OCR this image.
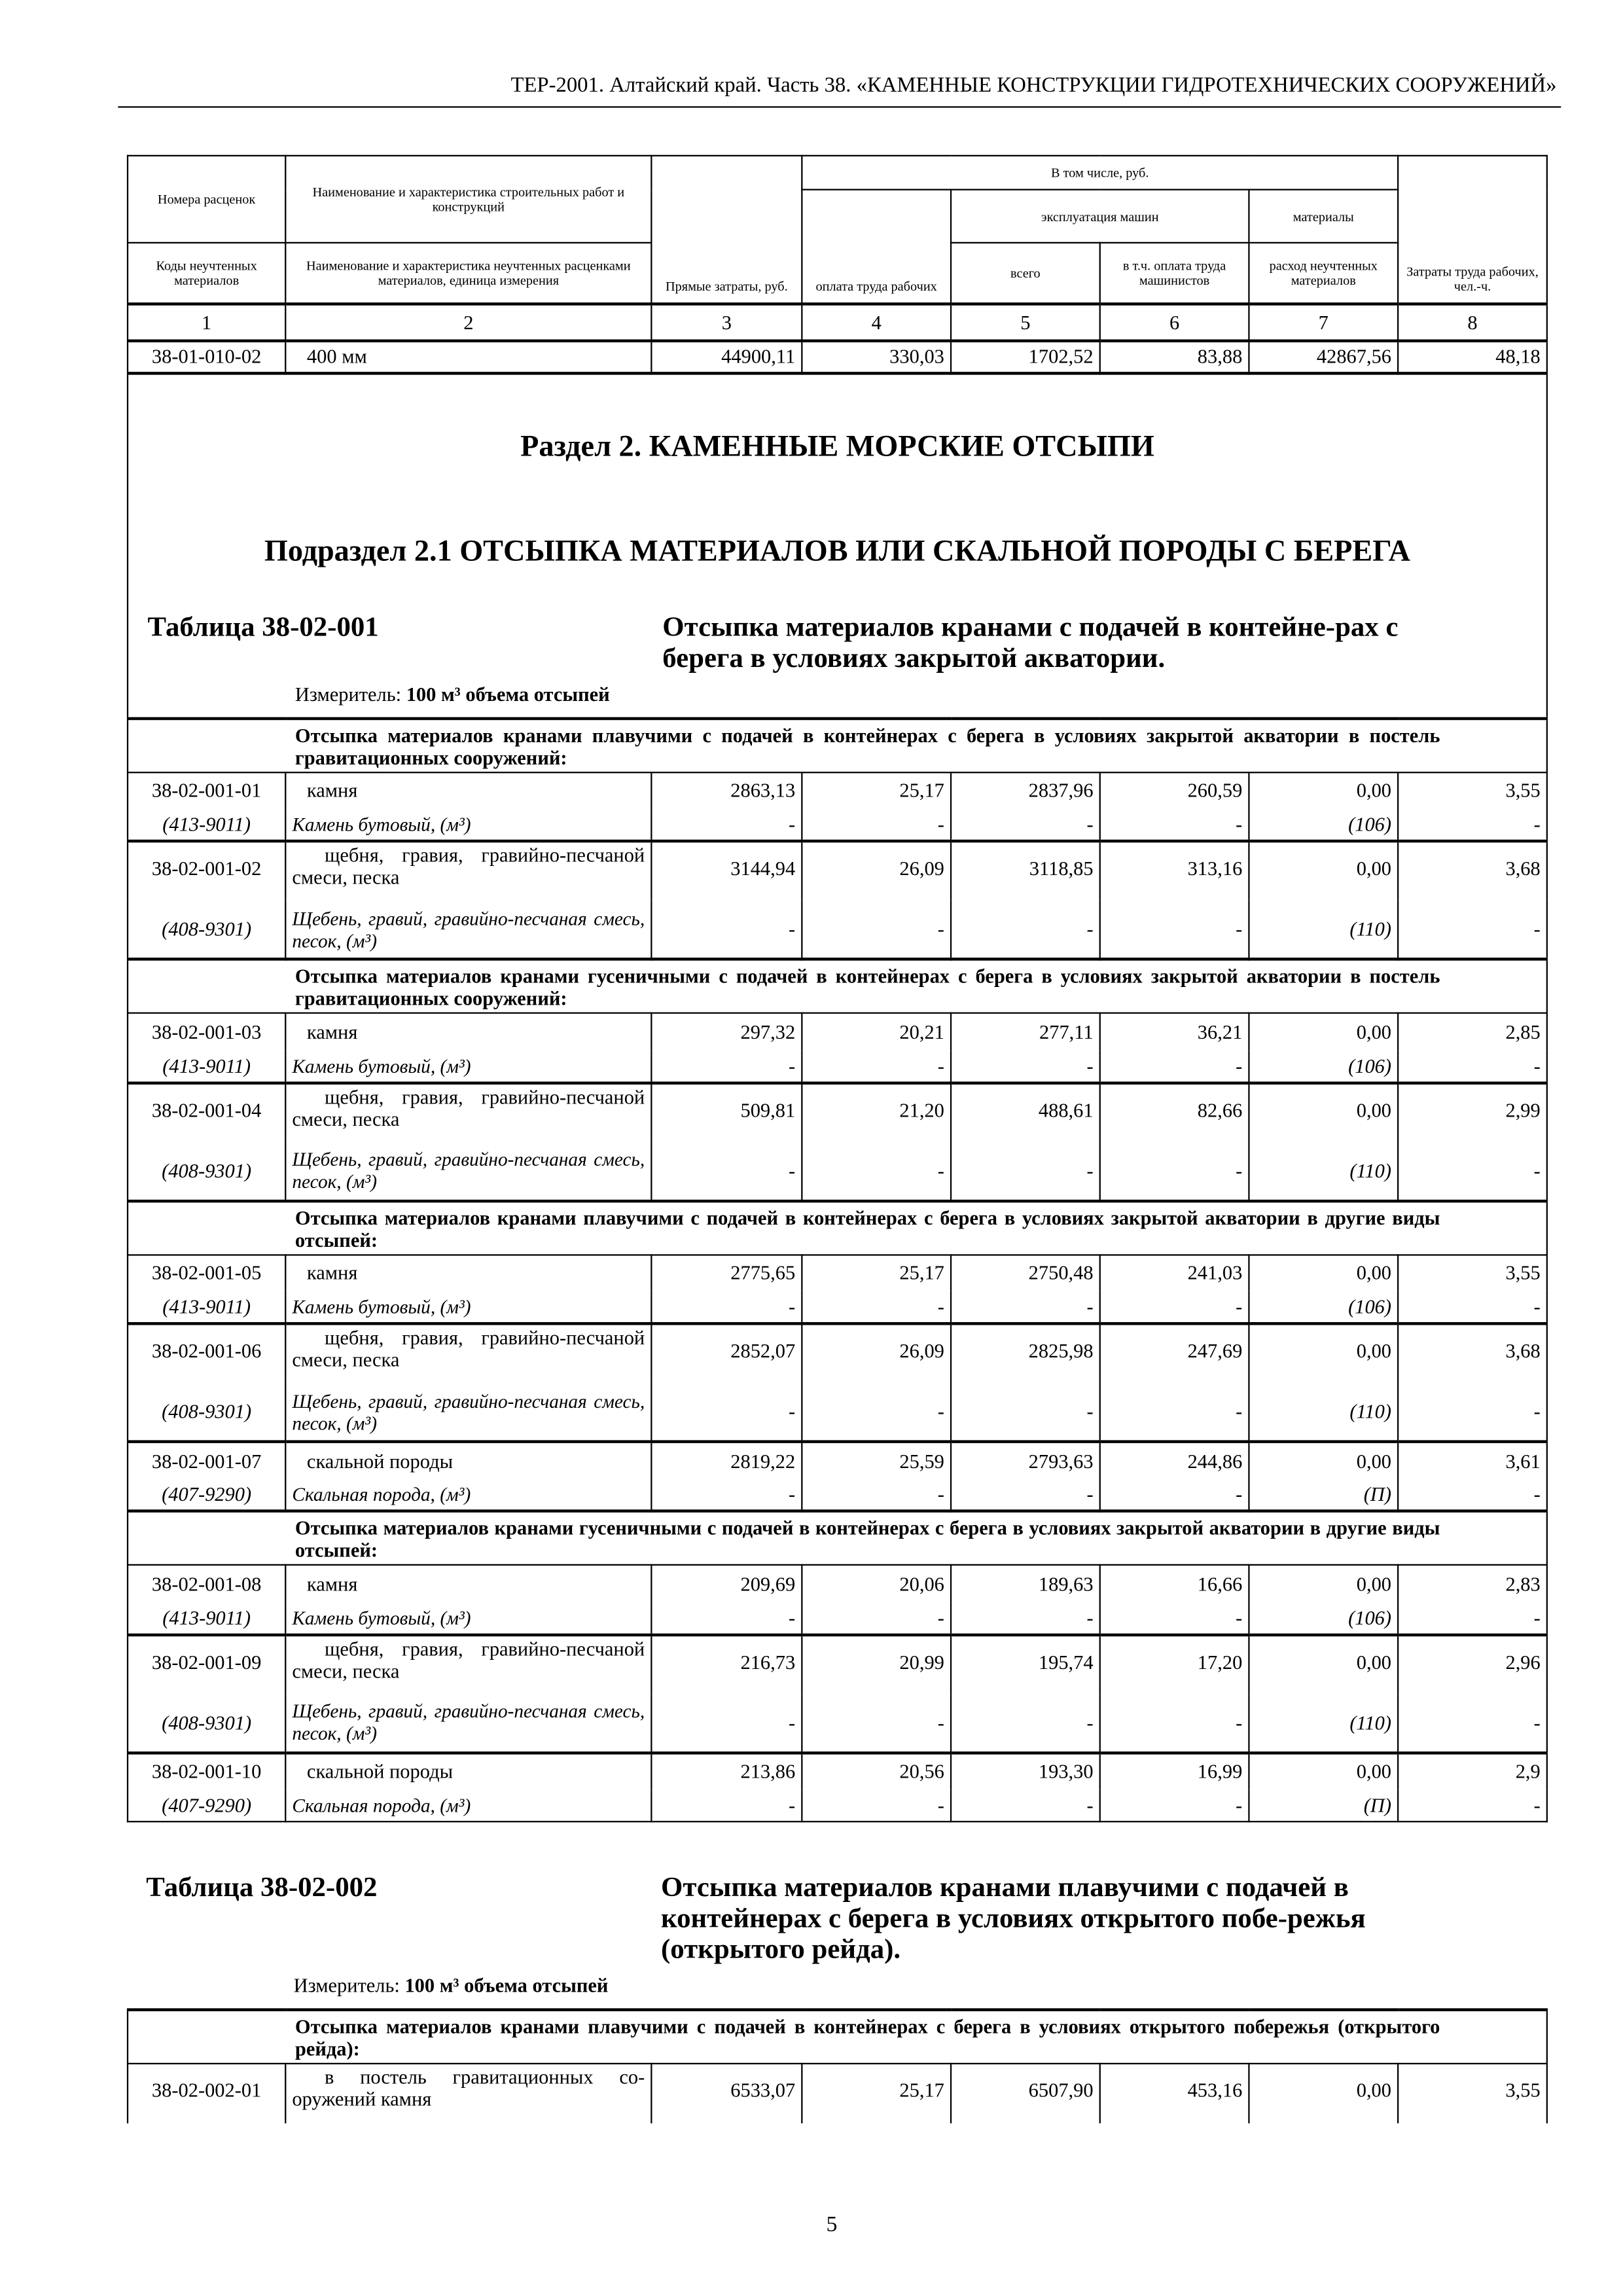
ТЕР-2001. Алтайский край. Часть 38. «КАМЕННЫЕ КОНСТРУКЦИИ ГИДРОТЕХНИЧЕСКИХ СООРУЖЕНИЙ»
Номера расценок	Наименование и характеристика строительных работ и конструкций	Прямые затраты, руб.	В том числе, руб.				Затраты труда рабочих, чел.-ч.
			оплата труда рабочих	эксплуатация машин		материалы	
Коды неучтенных материалов	Наименование и характеристика неучтенных расценками материалов, единица измерения			всего	в т.ч. оплата труда машинистов	расход неучтенных материалов	
1	2	3	4	5	6	7	8
38-01-010-02	400 мм	44900,11	330,03	1702,52	83,88	42867,56	48,18

Раздел 2. КАМЕННЫЕ МОРСКИЕ ОТСЫПИ
Подраздел 2.1 ОТСЫПКА МАТЕРИАЛОВ ИЛИ СКАЛЬНОЙ ПОРОДЫ С БЕРЕГА
Таблица 38-02-001 Отсыпка материалов кранами с подачей в контейне-рах с берега в условиях закрытой акватории.
Измеритель: 100 м³ объема отсыпей							

Отсыпка материалов кранами плавучими с подачей в контейнерах с берега в условиях закрытой акватории в постель гравитационных сооружений:							
38-02-001-01	камня	2863,13	25,17	2837,96	260,59	0,00	3,55
(413-9011)	Камень бутовый, (м³)	-	-	-	-	(106)	-
38-02-001-02	щебня, гравия, гравийно-песчаной смеси, песка	3144,94	26,09	3118,85	313,16	0,00	3,68
(408-9301)	Щебень, гравий, гравийно-песчаная смесь, песок, (м³)	-	-	-	-	(110)	-
Отсыпка материалов кранами гусеничными с подачей в контейнерах с берега в условиях закрытой акватории в постель гравитационных сооружений:							
38-02-001-03	камня	297,32	20,21	277,11	36,21	0,00	2,85
(413-9011)	Камень бутовый, (м³)	-	-	-	-	(106)	-
38-02-001-04	щебня, гравия, гравийно-песчаной смеси, песка	509,81	21,20	488,61	82,66	0,00	2,99
(408-9301)	Щебень, гравий, гравийно-песчаная смесь, песок, (м³)	-	-	-	-	(110)	-
Отсыпка материалов кранами плавучими с подачей в контейнерах с берега в условиях закрытой акватории в другие виды отсыпей:							
38-02-001-05	камня	2775,65	25,17	2750,48	241,03	0,00	3,55
(413-9011)	Камень бутовый, (м³)	-	-	-	-	(106)	-
38-02-001-06	щебня, гравия, гравийно-песчаной смеси, песка	2852,07	26,09	2825,98	247,69	0,00	3,68
(408-9301)	Щебень, гравий, гравийно-песчаная смесь, песок, (м³)	-	-	-	-	(110)	-
38-02-001-07	скальной породы	2819,22	25,59	2793,63	244,86	0,00	3,61
(407-9290)	Скальная порода, (м³)	-	-	-	-	(П)	-
Отсыпка материалов кранами гусеничными с подачей в контейнерах с берега в условиях закрытой акватории в другие виды отсыпей:							
38-02-001-08	камня	209,69	20,06	189,63	16,66	0,00	2,83
(413-9011)	Камень бутовый, (м³)	-	-	-	-	(106)	-
38-02-001-09	щебня, гравия, гравийно-песчаной смеси, песка	216,73	20,99	195,74	17,20	0,00	2,96
(408-9301)	Щебень, гравий, гравийно-песчаная смесь, песок, (м³)	-	-	-	-	(110)	-
38-02-001-10	скальной породы	213,86	20,56	193,30	16,99	0,00	2,9
(407-9290)	Скальная порода, (м³)	-	-	-	-	(П)	-
Таблица 38-02-002	Отсыпка материалов кранами плавучими с подачей в контейнерах с берега в условиях открытого побе-режья (открытого рейда).
Измеритель: 100 м³ объема отсыпей
Отсыпка материалов кранами плавучими с подачей в контейнерах с берега в условиях открытого побережья (открытого рейда):
38-02-002-01	в постель гравитационных со-оружений камня	6533,07	25,17	6507,90	453,16	0,00	3,55
5
